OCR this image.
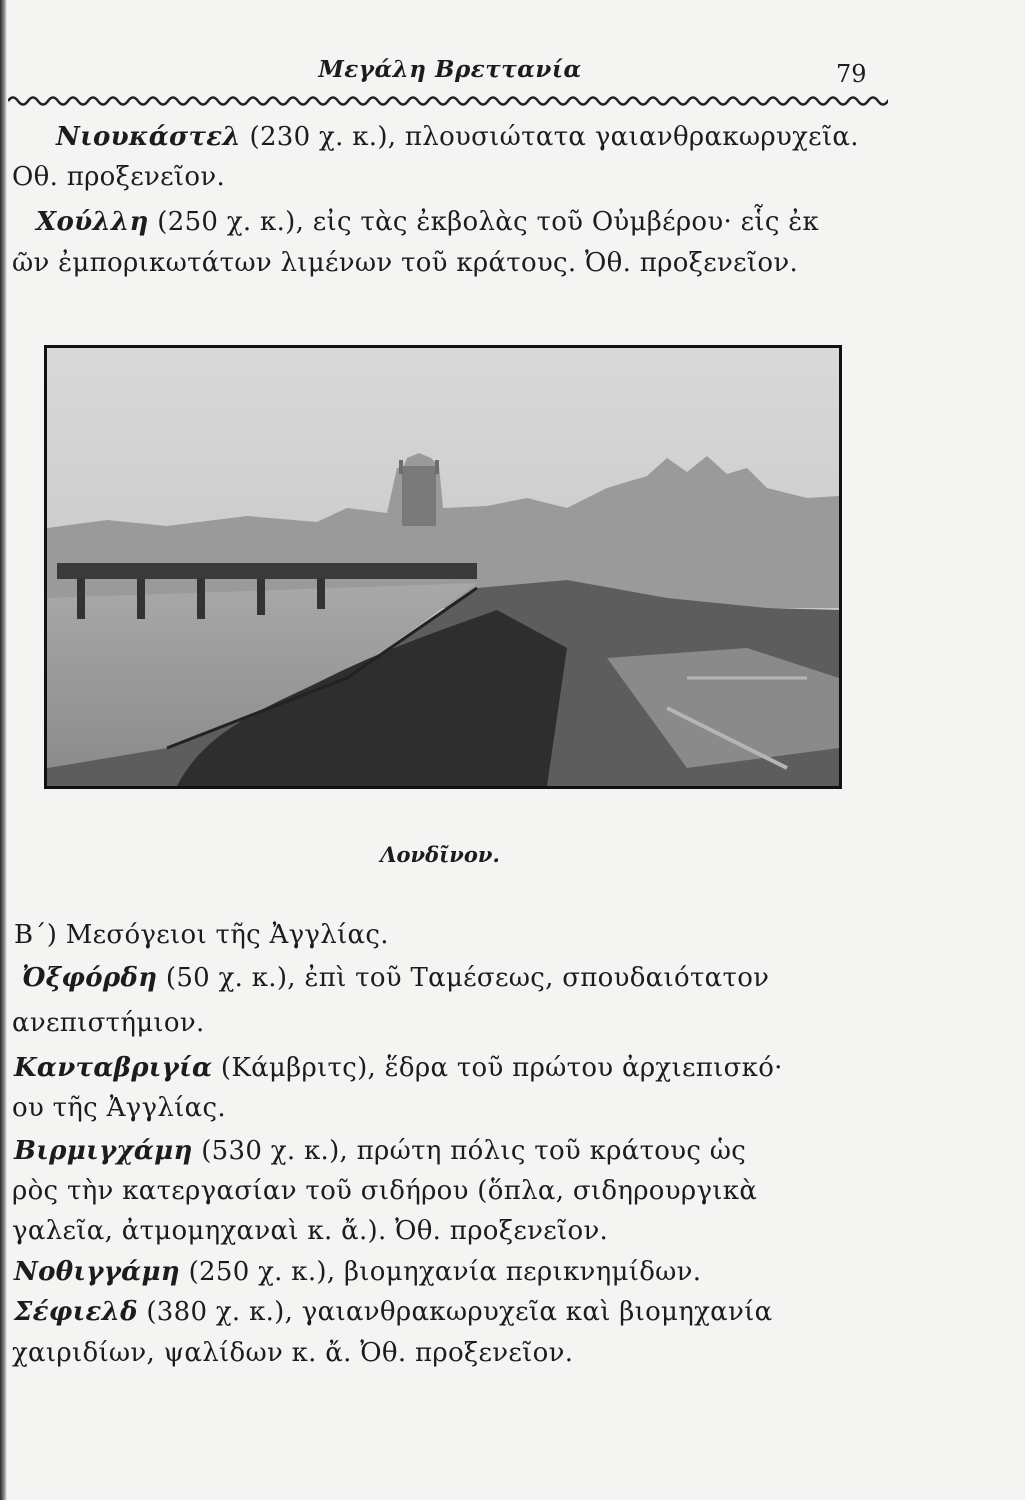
Μεγάλη Βρεττανία	79
Νιουκάστελ (230 χ. κ.), πλουσιώτατα γαιανθρακωρυχεῖα.
Οθ. προξενεῖον.
Χούλλη (250 χ. κ.), εἰς τὰς ἐκβολὰς τοῦ Οὐμβέρου· εἷς ἐκ
ῶν ἐμπορικωτάτων λιμένων τοῦ κράτους. Ὀθ. προξενεῖον.
Λονδῖνον.
Β΄) Μεσόγειοι τῆς Ἀγγλίας.
Ὀξφόρδη (50 χ. κ.), ἐπὶ τοῦ Ταμέσεως, σπουδαιότατον
ανεπιστήμιον.
Κανταβριγία (Κάμβριτς), ἕδρα τοῦ πρώτου ἀρχιεπισκό·
ου τῆς Ἀγγλίας.
Βιρμιγχάμη (530 χ. κ.), πρώτη πόλις τοῦ κράτους ὡς
ρὸς τὴν κατεργασίαν τοῦ σιδήρου (ὅπλα, σιδηρουργικὰ
γαλεῖα, ἀτμομηχαναὶ κ. ἄ.). Ὀθ. προξενεῖον.
Νοθιγγάμη (250 χ. κ.), βιομηχανία περικνημίδων.
Σέφιελδ (380 χ. κ.), γαιανθρακωρυχεῖα καὶ βιομηχανία
χαιριδίων, ψαλίδων κ. ἄ. Ὀθ. προξενεῖον.
